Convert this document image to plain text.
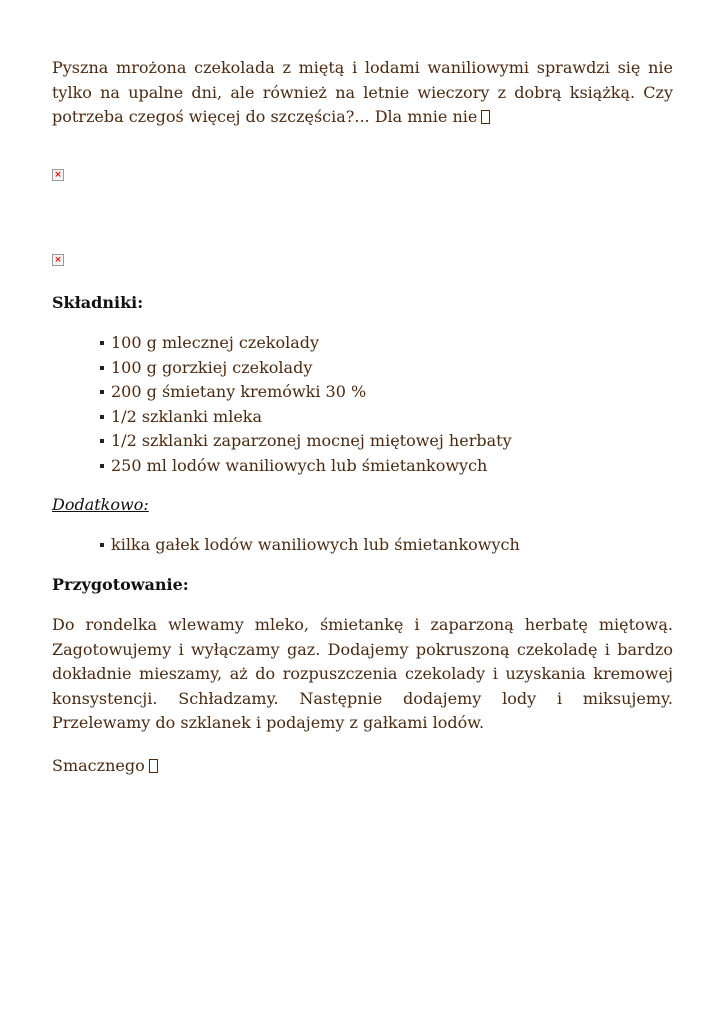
Pyszna mrożona czekolada z miętą i lodami waniliowymi sprawdzi się nie tylko na upalne dni, ale również na letnie wieczory z dobrą książką. Czy potrzeba czegoś więcej do szczęścia?... Dla mnie nie

×
×

Składniki:

100 g mlecznej czekolady
100 g gorzkiej czekolady
200 g śmietany kremówki 30 %
1/2 szklanki mleka
1/2 szklanki zaparzonej mocnej miętowej herbaty
250 ml lodów waniliowych lub śmietankowych

Dodatkowo:

kilka gałek lodów waniliowych lub śmietankowych

Przygotowanie:

Do rondelka wlewamy mleko, śmietankę i zaparzoną herbatę miętową. Zagotowujemy i wyłączamy gaz. Dodajemy pokruszoną czekoladę i bardzo dokładnie mieszamy, aż do rozpuszczenia czekolady i uzyskania kremowej konsystencji. Schładzamy. Następnie dodajemy lody i miksujemy. Przelewamy do szklanek i podajemy z gałkami lodów.

Smacznego
